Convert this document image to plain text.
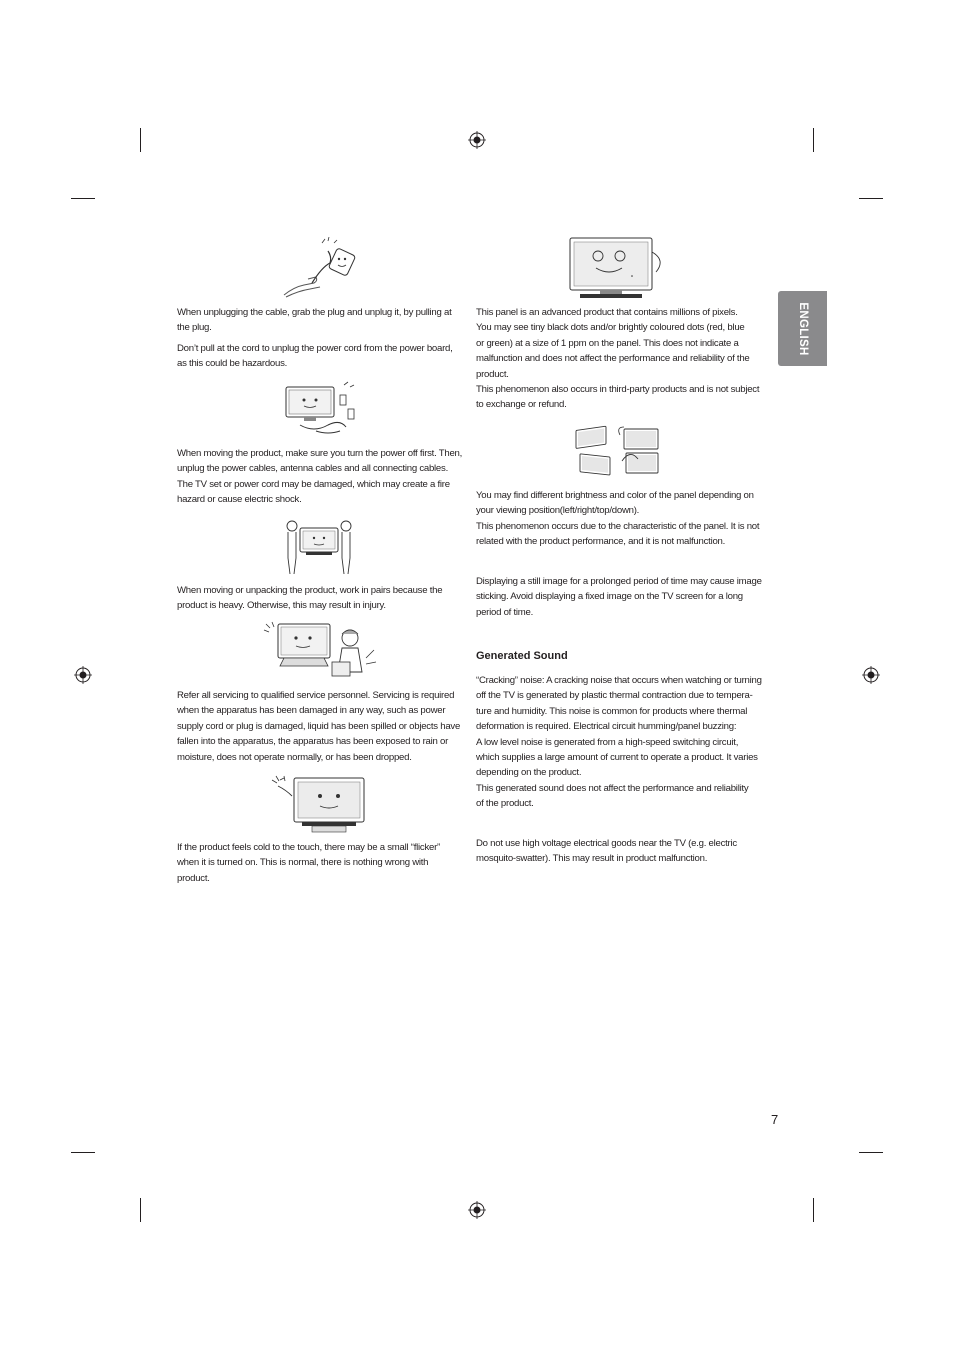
ENGLISH

When unplugging the cable, grab the plug and unplug it, by pulling at
the plug.

Don’t pull at the cord to unplug the power cord from the power board,
as this could be hazardous.

When moving the product, make sure you turn the power off first. Then,
unplug the power cables, antenna cables and all connecting cables.
The TV set or power cord may be damaged, which may create a fire
hazard or cause electric shock.

When moving or unpacking the product, work in pairs because the
product is heavy. Otherwise, this may result in injury.

Refer all servicing to qualified service personnel. Servicing is required
when the apparatus has been damaged in any way, such as power
supply cord or plug is damaged, liquid has been spilled or objects have
fallen into the apparatus, the apparatus has been exposed to rain or
moisture, does not operate normally, or has been dropped.

If the product feels cold to the touch, there may be a small “flicker”
when it is turned on. This is normal, there is nothing wrong with
product.

This panel is an advanced product that contains millions of pixels.
You may see tiny black dots and/or brightly coloured dots (red, blue
or green) at a size of 1 ppm on the panel. This does not indicate a
malfunction and does not affect the performance and reliability of the
product.
This phenomenon also occurs in third-party products and is not subject
to exchange or refund.

You may find different brightness and color of the panel depending on
your viewing position(left/right/top/down).
This phenomenon occurs due to the characteristic of the panel. It is not
related with the product performance, and it is not malfunction.

Displaying a still image for a prolonged period of time may cause image
sticking. Avoid displaying a fixed image on the TV screen for a long
period of time.

Generated Sound

“Cracking” noise: A cracking noise that occurs when watching or turning
off the TV is generated by plastic thermal contraction due to tempera-
ture and humidity. This noise is common for products where thermal
deformation is required. Electrical circuit humming/panel buzzing:
A low level noise is generated from a high-speed switching circuit,
which supplies a large amount of current to operate a product. It varies
depending on the product.
This generated sound does not affect the performance and reliability
of the product.

Do not use high voltage electrical goods near the TV (e.g. electric
mosquito-swatter). This may result in product malfunction.

7
